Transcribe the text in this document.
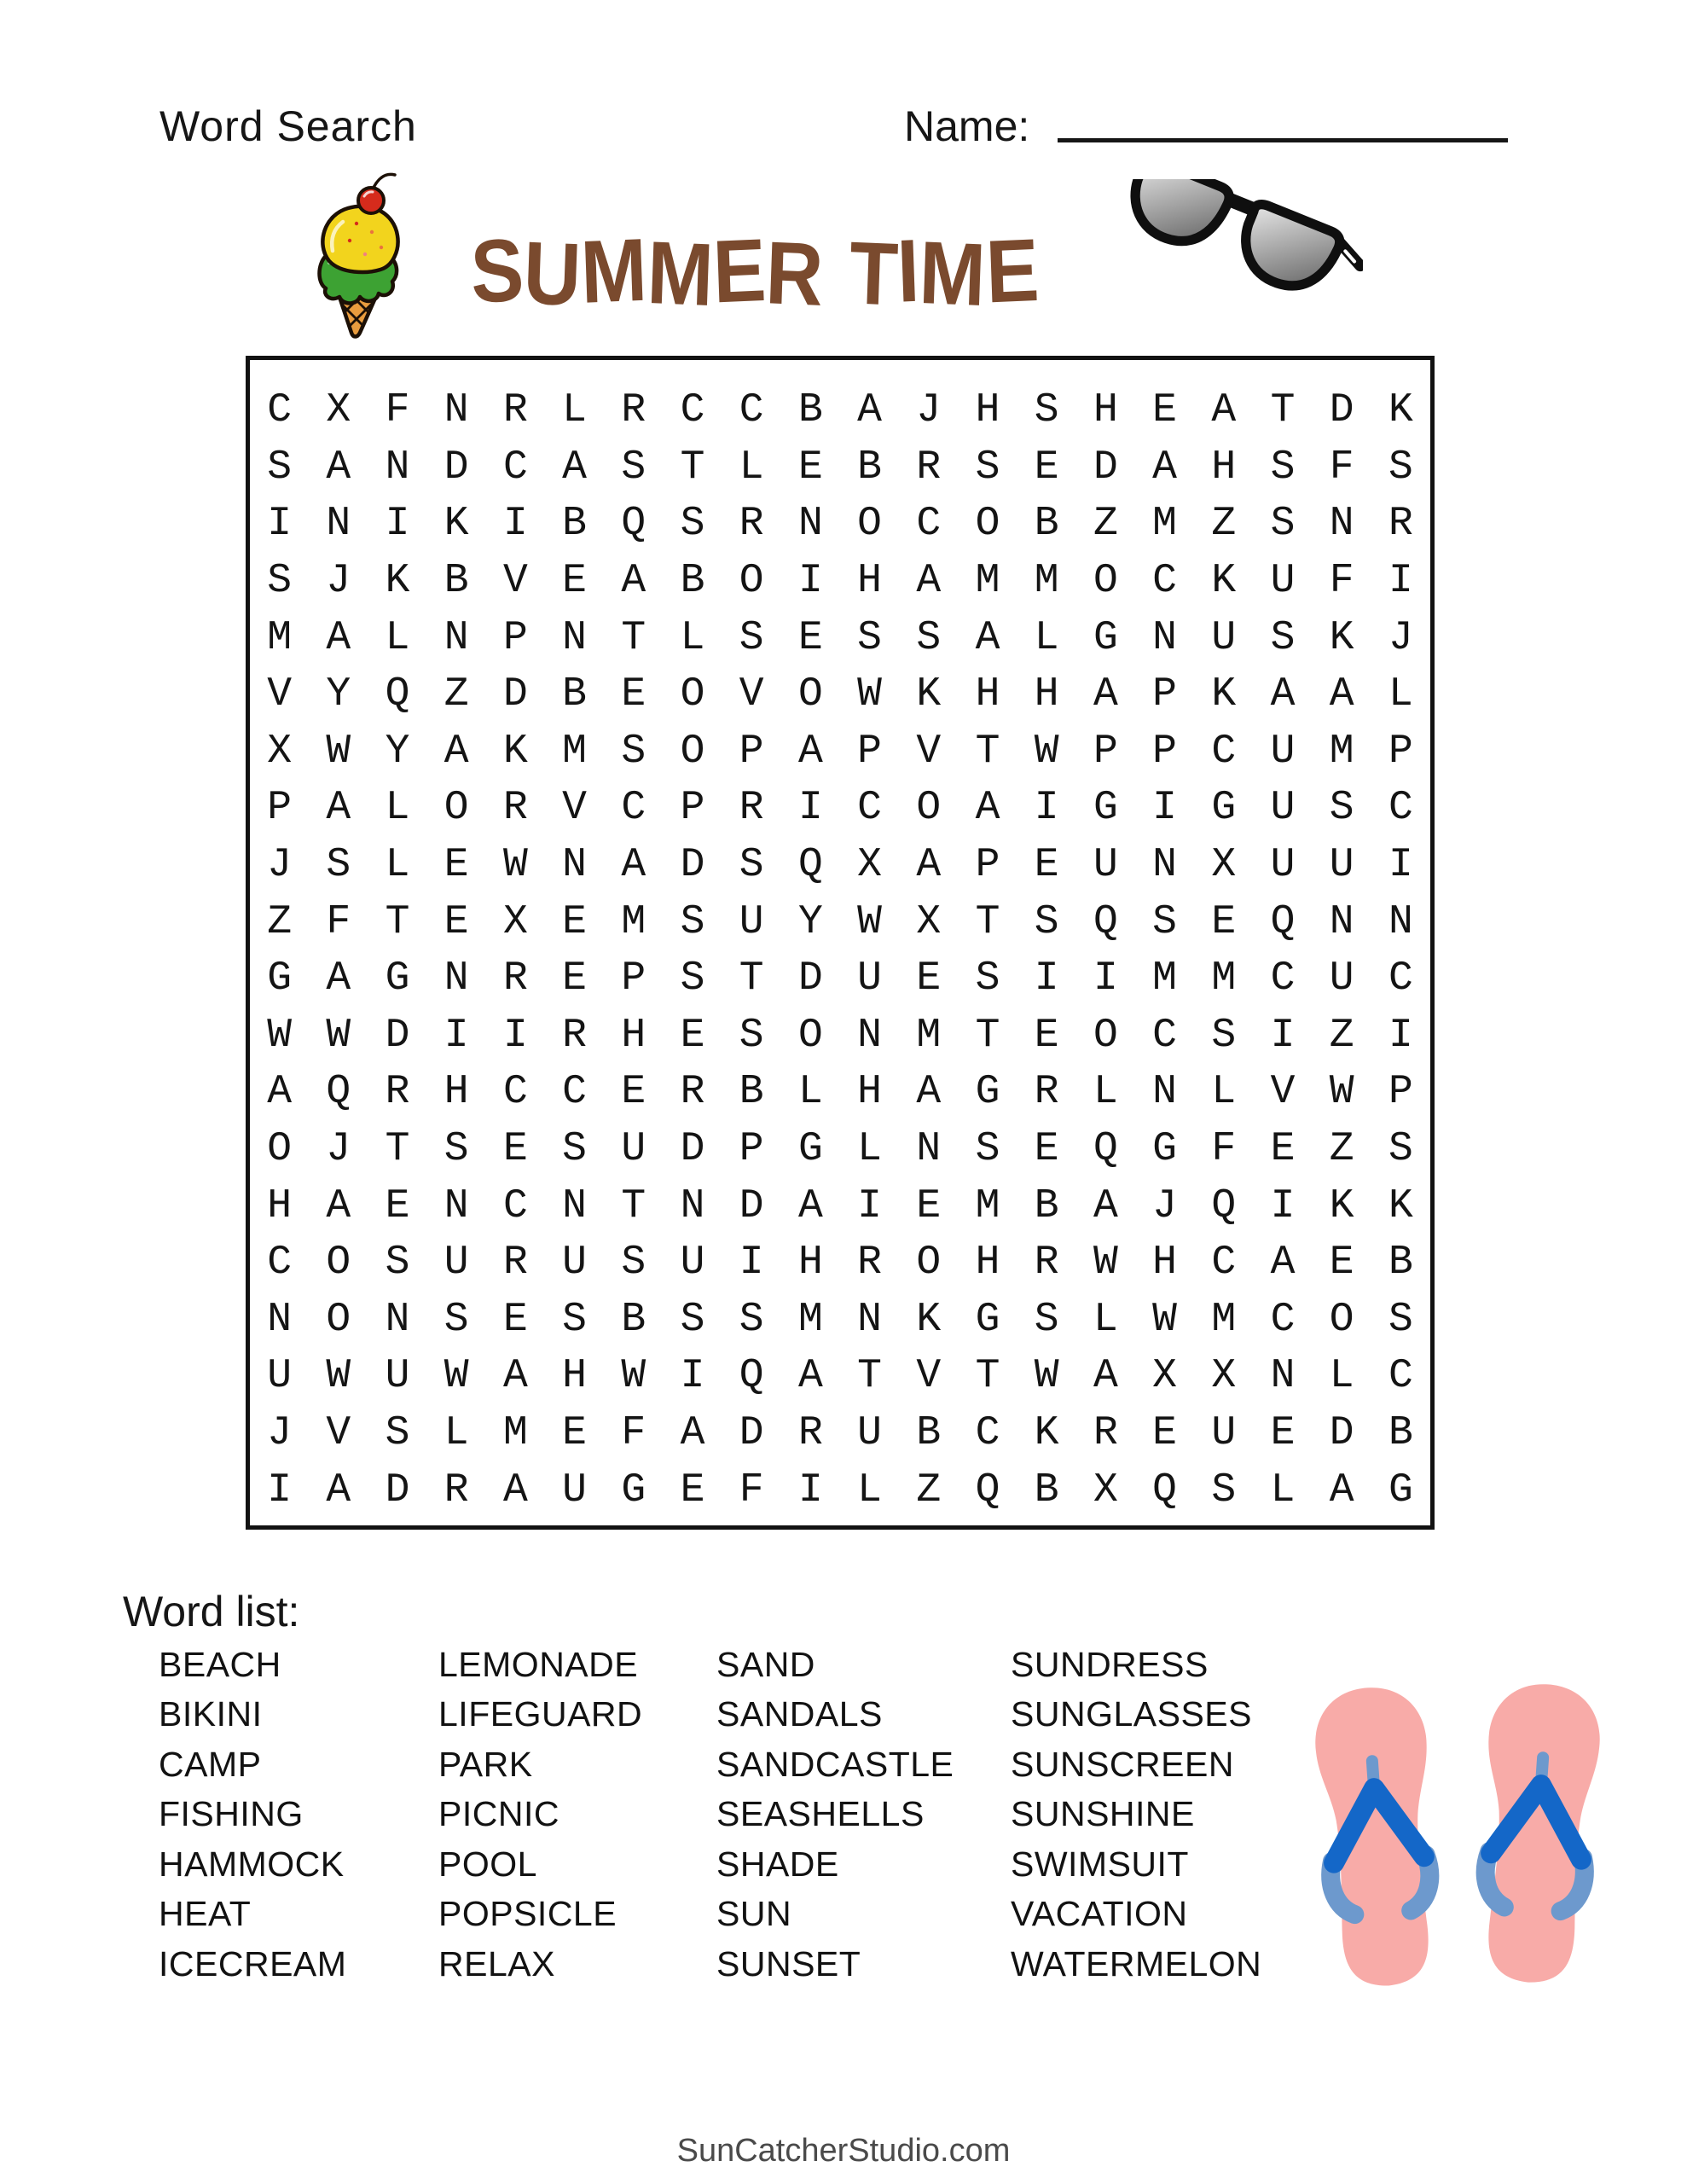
Word Search	Name:
SUMMER TIME
C X F N R L R C C B A J H S H E A T D K
S A N D C A S T L E B R S E D A H S F S
I N I K I B Q S R N O C O B Z M Z S N R
S J K B V E A B O I H A M M O C K U F I
M A L N P N T L S E S S A L G N U S K J
V Y Q Z D B E O V O W K H H A P K A A L
X W Y A K M S O P A P V T W P P C U M P
P A L O R V C P R I C O A I G I G U S C
J S L E W N A D S Q X A P E U N X U U I
Z F T E X E M S U Y W X T S Q S E Q N N
G A G N R E P S T D U E S I I M M C U C
W W D I I R H E S O N M T E O C S I Z I
A Q R H C C E R B L H A G R L N L V W P
O J T S E S U D P G L N S E Q G F E Z S
H A E N C N T N D A I E M B A J Q I K K
C O S U R U S U I H R O H R W H C A E B
N O N S E S B S S M N K G S L W M C O S
U W U W A H W I Q A T V T W A X X N L C
J V S L M E F A D R U B C K R E U E D B
I A D R A U G E F I L Z Q B X Q S L A G
Word list:
BEACH
BIKINI
CAMP
FISHING
HAMMOCK
HEAT
ICECREAM
LEMONADE
LIFEGUARD
PARK
PICNIC
POOL
POPSICLE
RELAX
SAND
SANDALS
SANDCASTLE
SEASHELLS
SHADE
SUN
SUNSET
SUNDRESS
SUNGLASSES
SUNSCREEN
SUNSHINE
SWIMSUIT
VACATION
WATERMELON
SunCatcherStudio.com
